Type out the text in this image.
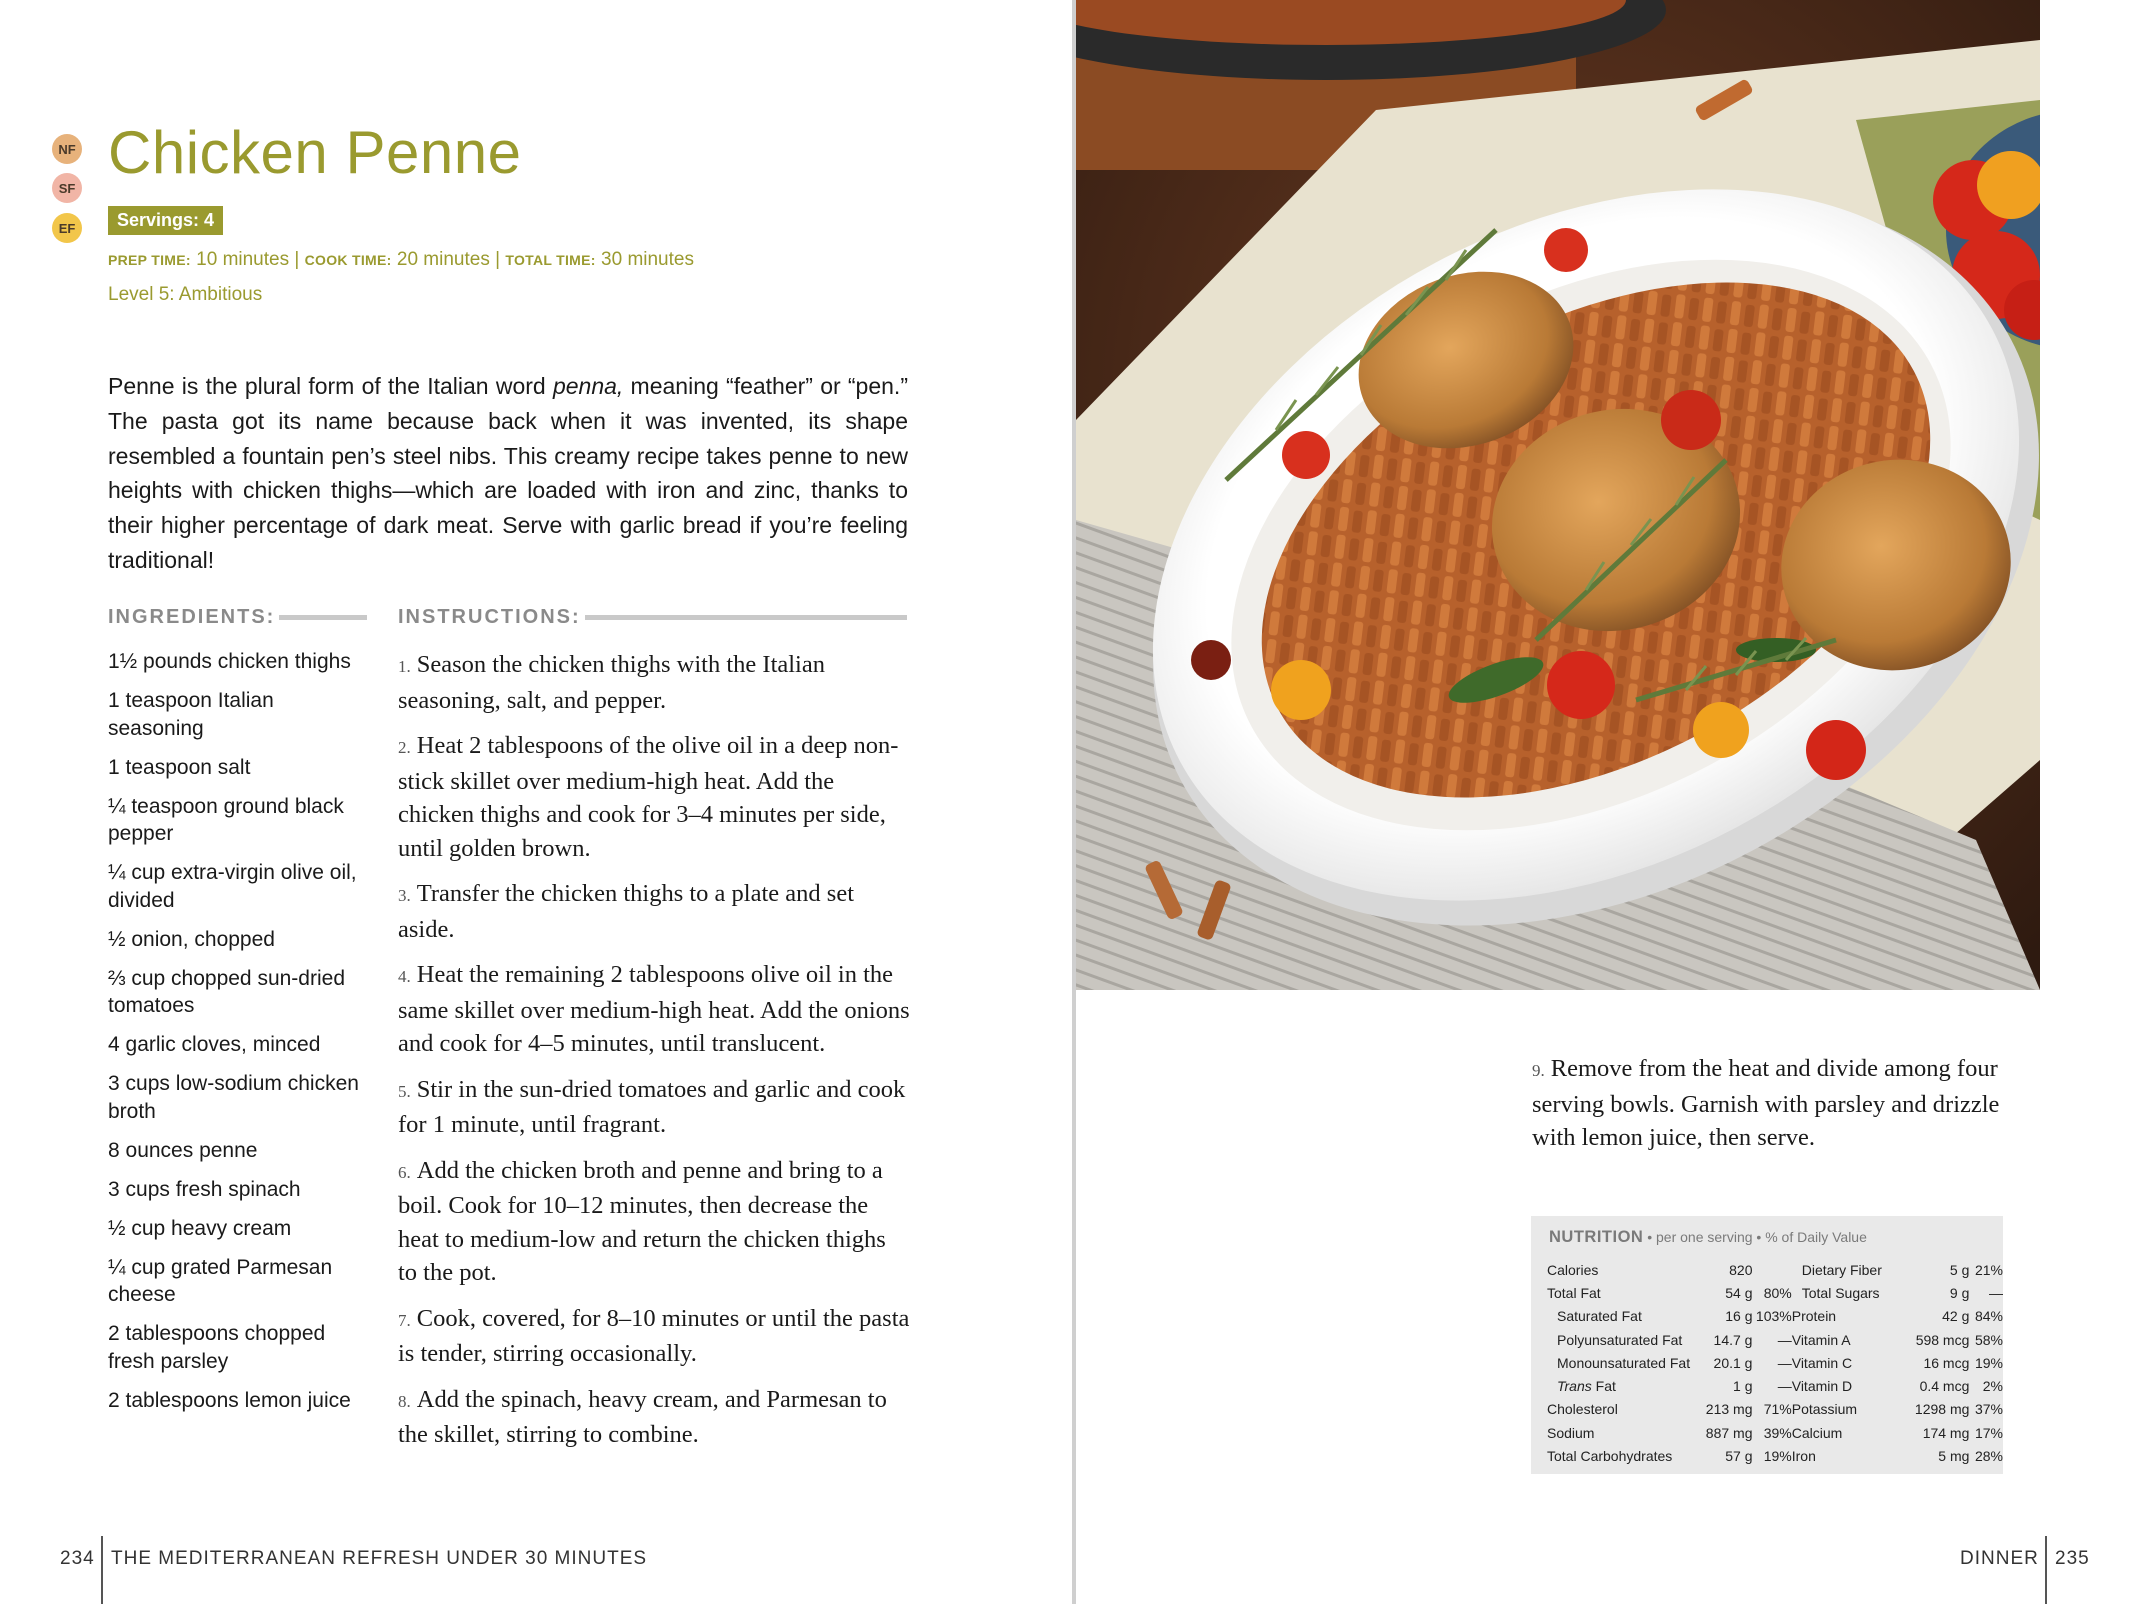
NF
SF
EF
Chicken Penne
Servings: 4
PREP TIME: 10 minutes | COOK TIME: 20 minutes | TOTAL TIME: 30 minutes
Level 5: Ambitious

Penne is the plural form of the Italian word penna, meaning “feather” or “pen.” The pasta got its name because back when it was invented, its shape resembled a fountain pen’s steel nibs. This creamy recipe takes penne to new heights with chicken thighs—which are loaded with iron and zinc, thanks to their higher percentage of dark meat. Serve with garlic bread if you’re feeling traditional!

INGREDIENTS:	INSTRUCTIONS:
1½ pounds chicken thighs
1 teaspoon Italian seasoning
1 teaspoon salt
¼ teaspoon ground black pepper
¼ cup extra-virgin olive oil, divided
½ onion, chopped
⅔ cup chopped sun-dried tomatoes
4 garlic cloves, minced
3 cups low-sodium chicken broth
8 ounces penne
3 cups fresh spinach
½ cup heavy cream
¼ cup grated Parmesan cheese
2 tablespoons chopped fresh parsley
2 tablespoons lemon juice
1. Season the chicken thighs with the Italian seasoning, salt, and pepper.
2. Heat 2 tablespoons of the olive oil in a deep non-stick skillet over medium-high heat. Add the chicken thighs and cook for 3–4 minutes per side, until golden brown.
3. Transfer the chicken thighs to a plate and set aside.
4. Heat the remaining 2 tablespoons olive oil in the same skillet over medium-high heat. Add the onions and cook for 4–5 minutes, until translucent.
5. Stir in the sun-dried tomatoes and garlic and cook for 1 minute, until fragrant.
6. Add the chicken broth and penne and bring to a boil. Cook for 10–12 minutes, then decrease the heat to medium-low and return the chicken thighs to the pot.
7. Cook, covered, for 8–10 minutes or until the pasta is tender, stirring occasionally.
8. Add the spinach, heavy cream, and Parmesan to the skillet, stirring to combine.
234 THE MEDITERRANEAN REFRESH UNDER 30 MINUTES
9. Remove from the heat and divide among four serving bowls. Garnish with parsley and drizzle with lemon juice, then serve.
NUTRITION • per one serving • % of Daily Value
Calories	820		Dietary Fiber	5 g	21%
Total Fat	54 g	80%	Total Sugars	9 g	—
Saturated Fat	16 g	103%	Protein	42 g	84%
Polyunsaturated Fat	14.7 g	—	Vitamin A	598 mcg	58%
Monounsaturated Fat	20.1 g	—	Vitamin C	16 mcg	19%
Trans Fat	1 g	—	Vitamin D	0.4 mcg	2%
Cholesterol	213 mg	71%	Potassium	1298 mg	37%
Sodium	887 mg	39%	Calcium	174 mg	17%
Total Carbohydrates	57 g	19%	Iron	5 mg	28%
DINNER 235
